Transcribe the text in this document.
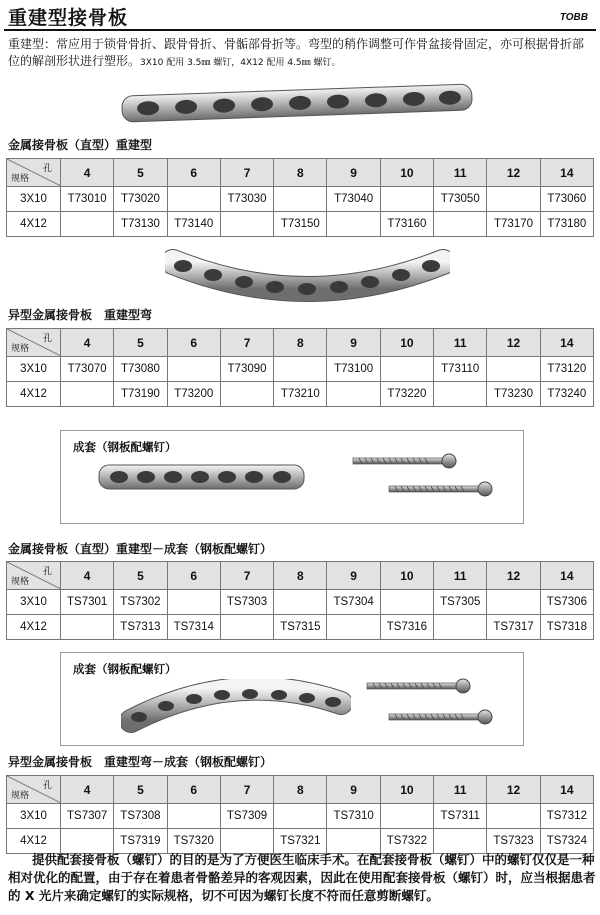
重建型接骨板	TOBB
重建型：常应用于锁骨骨折、跟骨骨折、骨骺部骨折等。弯型的稍作调整可作骨盆接骨固定，亦可根据骨折部位的解剖形状进行塑形。3X10 配用 3.5㎜ 螺钉，4X12 配用 4.5㎜ 螺钉。
金属接骨板（直型）重建型
孔
规格	4	5	6	7	8	9	10	11	12	14
3X10	T73010	T73020		T73030		T73040		T73050		T73060
4X12		T73130	T73140		T73150		T73160		T73170	T73180
异型金属接骨板　重建型弯
孔
规格	4	5	6	7	8	9	10	11	12	14
3X10	T73070	T73080		T73090		T73100		T73110		T73120
4X12		T73190	T73200		T73210		T73220		T73230	T73240
成套（钢板配螺钉）
金属接骨板（直型）重建型－成套（钢板配螺钉）
孔
规格	4	5	6	7	8	9	10	11	12	14
3X10	TS7301	TS7302		TS7303		TS7304		TS7305		TS7306
4X12		TS7313	TS7314		TS7315		TS7316		TS7317	TS7318
成套（钢板配螺钉）
异型金属接骨板　重建型弯－成套（钢板配螺钉）
孔
规格	4	5	6	7	8	9	10	11	12	14
3X10	TS7307	TS7308		TS7309		TS7310		TS7311		TS7312
4X12		TS7319	TS7320		TS7321		TS7322		TS7323	TS7324
提供配套接骨板（螺钉）的目的是为了方便医生临床手术。在配套接骨板（螺钉）中的螺钉仅仅是一种相对优化的配置，由于存在着患者骨骼差异的客观因素，因此在使用配套接骨板（螺钉）时，应当根据患者的 X 光片来确定螺钉的实际规格，切不可因为螺钉长度不符而任意剪断螺钉。
